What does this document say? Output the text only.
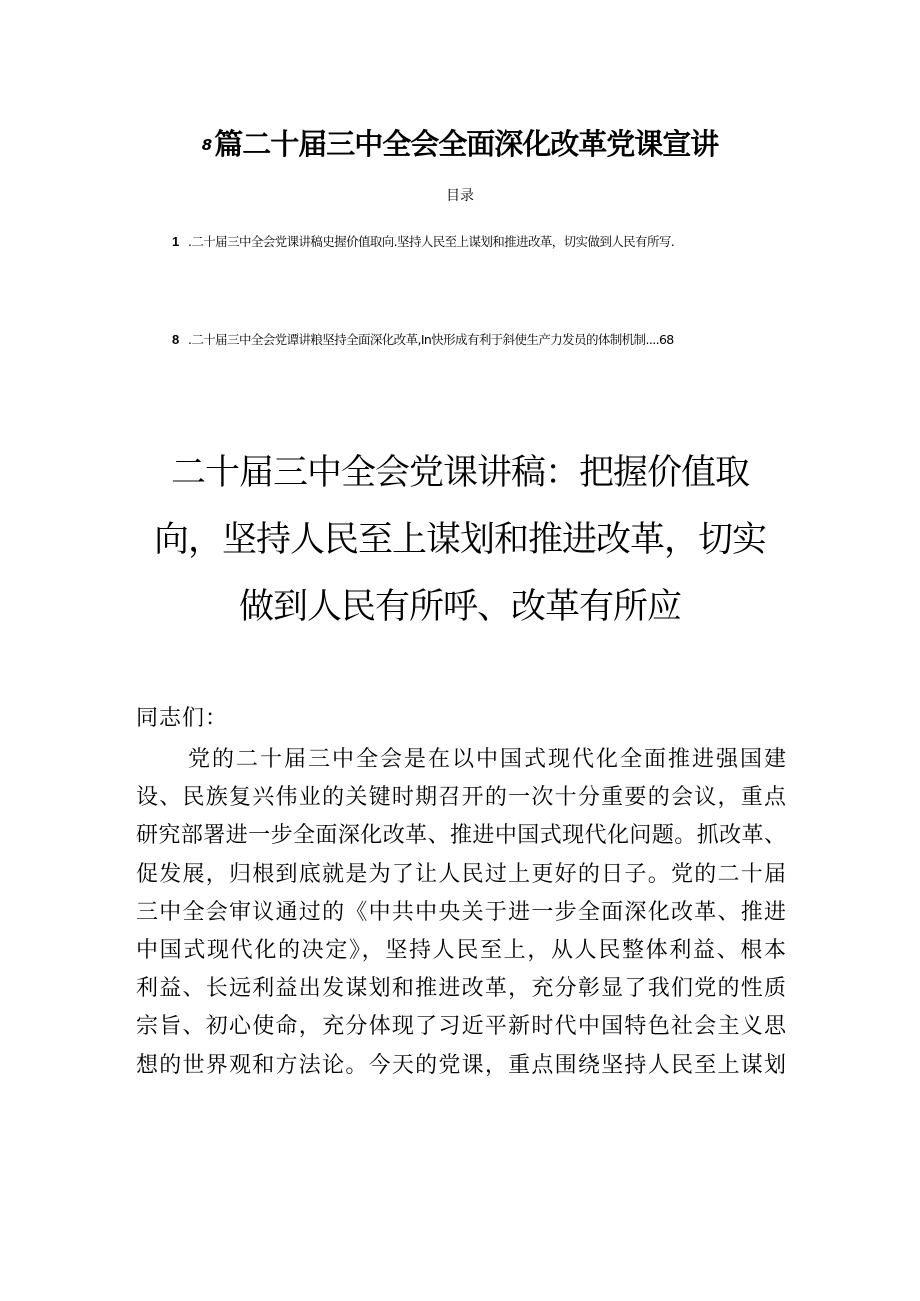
8篇二十届三中全会全面深化改革党课宣讲
目录
1 .二十届三中全会党课讲稿史握价值取向.坚持人民至上谋划和推进改革，切实做到人民有所写.
8 .二十届三中全会党谭讲粮坚持全面深化改革,In快形成有利于斜使生产力发员的体制机制....68
二十届三中全会党课讲稿：把握价值取
向，坚持人民至上谋划和推进改革，切实
做到人民有所呼、改革有所应
同志们：
党的二十届三中全会是在以中国式现代化全面推进强国建
设、民族复兴伟业的关键时期召开的一次十分重要的会议，重点
研究部署进一步全面深化改革、推进中国式现代化问题。抓改革、
促发展，归根到底就是为了让人民过上更好的日子。党的二十届
三中全会审议通过的《中共中央关于进一步全面深化改革、推进
中国式现代化的决定》，坚持人民至上，从人民整体利益、根本
利益、长远利益出发谋划和推进改革，充分彰显了我们党的性质
宗旨、初心使命，充分体现了习近平新时代中国特色社会主义思
想的世界观和方法论。今天的党课，重点围绕坚持人民至上谋划
